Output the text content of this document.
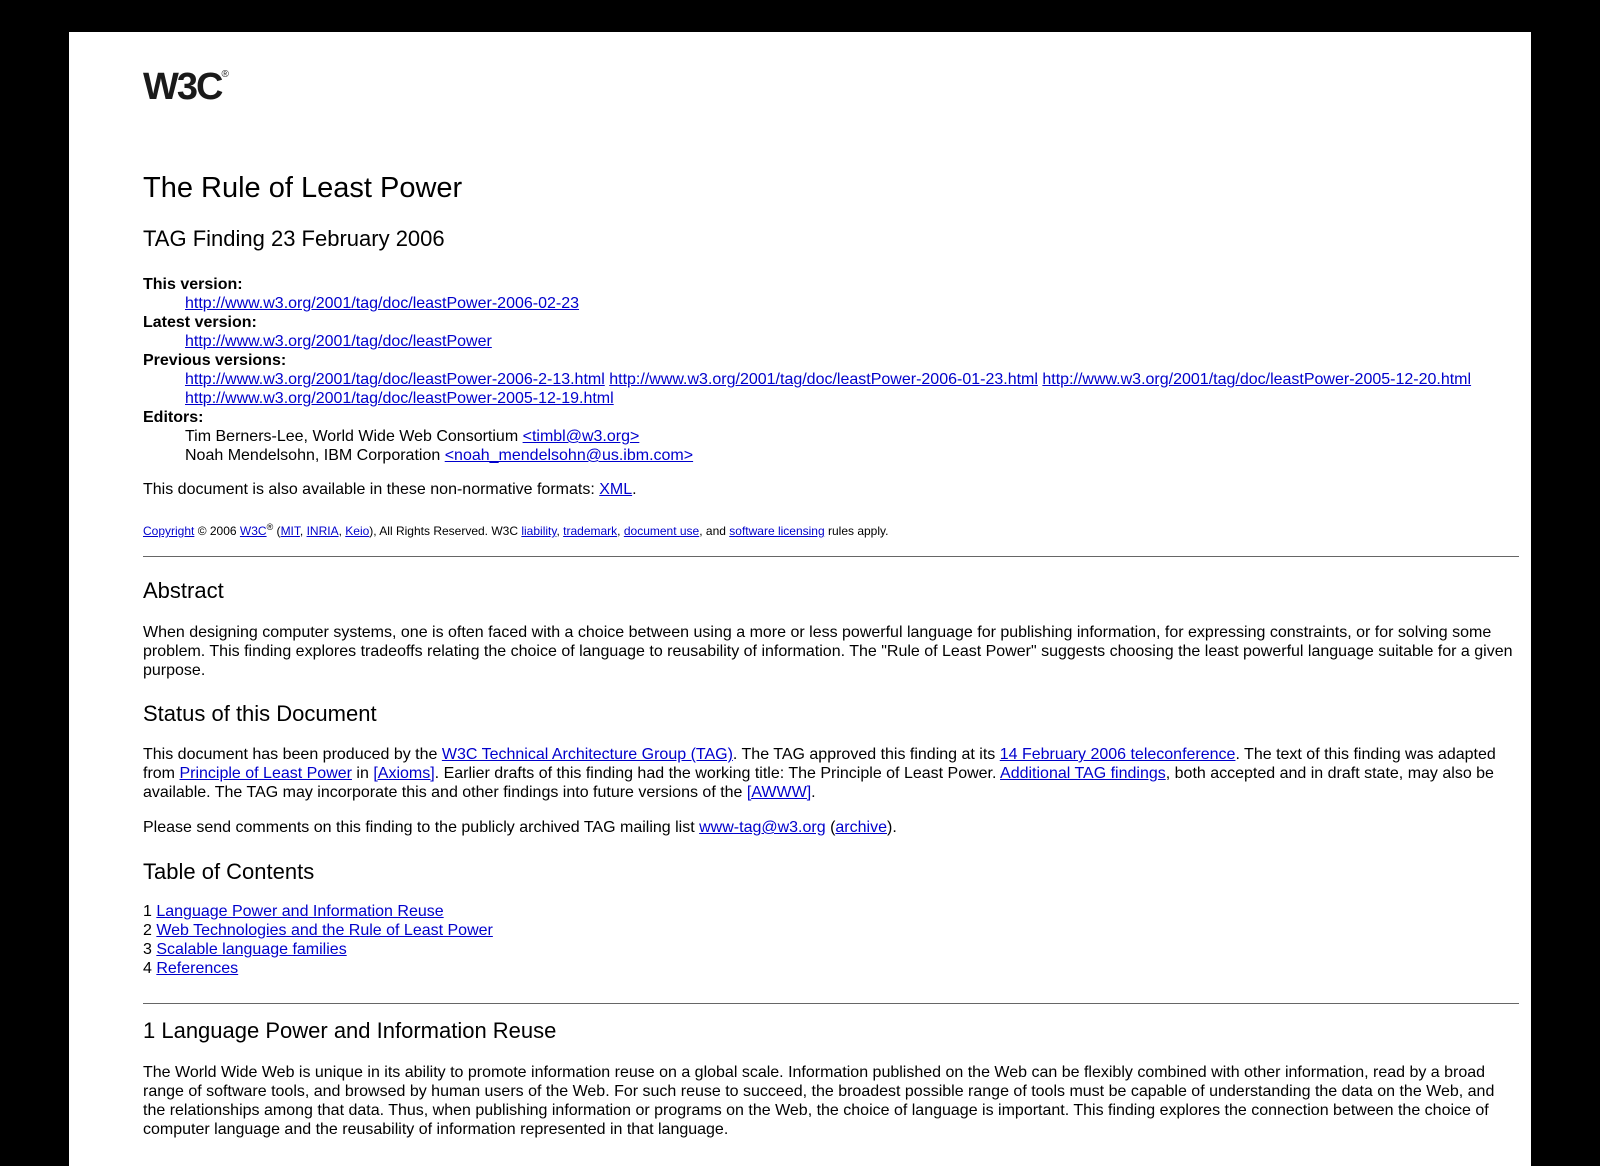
W3C®
The Rule of Least Power
TAG Finding 23 February 2006
This version:
http://www.w3.org/2001/tag/doc/leastPower-2006-02-23
Latest version:
http://www.w3.org/2001/tag/doc/leastPower
Previous versions:
http://www.w3.org/2001/tag/doc/leastPower-2006-2-13.html http://www.w3.org/2001/tag/doc/leastPower-2006-01-23.html http://www.w3.org/2001/tag/doc/leastPower-2005-12-20.html http://www.w3.org/2001/tag/doc/leastPower-2005-12-19.html
Editors:
Tim Berners-Lee, World Wide Web Consortium <timbl@w3.org>
Noah Mendelsohn, IBM Corporation <noah_mendelsohn@us.ibm.com>

This document is also available in these non-normative formats: XML.

Copyright © 2006 W3C® (MIT, INRIA, Keio), All Rights Reserved. W3C liability, trademark, document use, and software licensing rules apply.

Abstract

When designing computer systems, one is often faced with a choice between using a more or less powerful language for publishing information, for expressing constraints, or for solving some problem. This finding explores tradeoffs relating the choice of language to reusability of information. The "Rule of Least Power" suggests choosing the least powerful language suitable for a given purpose.

Status of this Document

This document has been produced by the W3C Technical Architecture Group (TAG). The TAG approved this finding at its 14 February 2006 teleconference. The text of this finding was adapted from Principle of Least Power in [Axioms]. Earlier drafts of this finding had the working title: The Principle of Least Power. Additional TAG findings, both accepted and in draft state, may also be available. The TAG may incorporate this and other findings into future versions of the [AWWW].

Please send comments on this finding to the publicly archived TAG mailing list www-tag@w3.org (archive).

Table of Contents
1 Language Power and Information Reuse
2 Web Technologies and the Rule of Least Power
3 Scalable language families
4 References
1 Language Power and Information Reuse

The World Wide Web is unique in its ability to promote information reuse on a global scale. Information published on the Web can be flexibly combined with other information, read by a broad range of software tools, and browsed by human users of the Web. For such reuse to succeed, the broadest possible range of tools must be capable of understanding the data on the Web, and the relationships among that data. Thus, when publishing information or programs on the Web, the choice of language is important. This finding explores the connection between the choice of computer language and the reusability of information represented in that language.
